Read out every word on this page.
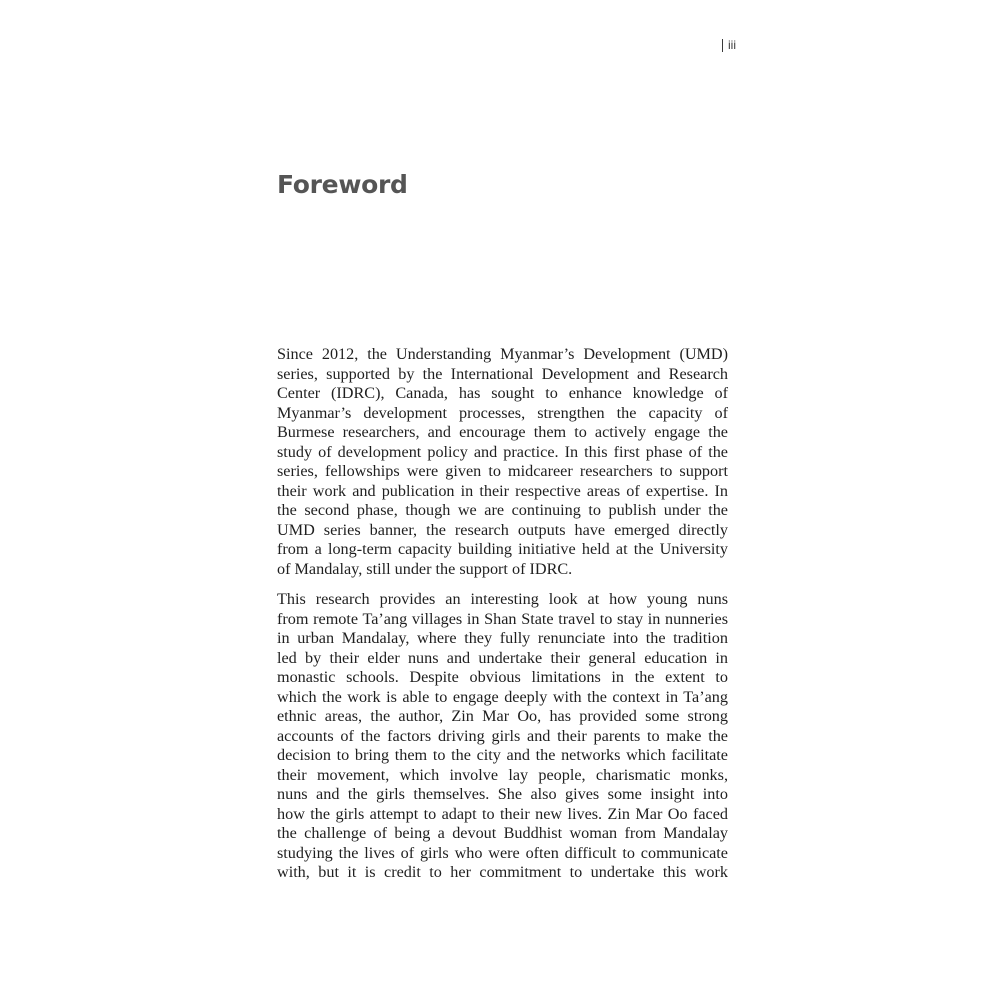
iii
Foreword

Since 2012, the Understanding Myanmar’s Development (UMD)
series, supported by the International Development and Research
Center (IDRC), Canada, has sought to enhance knowledge of
Myanmar’s development processes, strengthen the capacity of
Burmese researchers, and encourage them to actively engage the
study of development policy and practice. In this first phase of the
series, fellowships were given to midcareer researchers to support
their work and publication in their respective areas of expertise. In
the second phase, though we are continuing to publish under the
UMD series banner, the research outputs have emerged directly
from a long-term capacity building initiative held at the University
of Mandalay, still under the support of IDRC.

This research provides an interesting look at how young nuns
from remote Ta’ang villages in Shan State travel to stay in nunneries
in urban Mandalay, where they fully renunciate into the tradition
led by their elder nuns and undertake their general education in
monastic schools. Despite obvious limitations in the extent to
which the work is able to engage deeply with the context in Ta’ang
ethnic areas, the author, Zin Mar Oo, has provided some strong
accounts of the factors driving girls and their parents to make the
decision to bring them to the city and the networks which facilitate
their movement, which involve lay people, charismatic monks,
nuns and the girls themselves. She also gives some insight into
how the girls attempt to adapt to their new lives. Zin Mar Oo faced
the challenge of being a devout Buddhist woman from Mandalay
studying the lives of girls who were often difficult to communicate
with, but it is credit to her commitment to undertake this work
